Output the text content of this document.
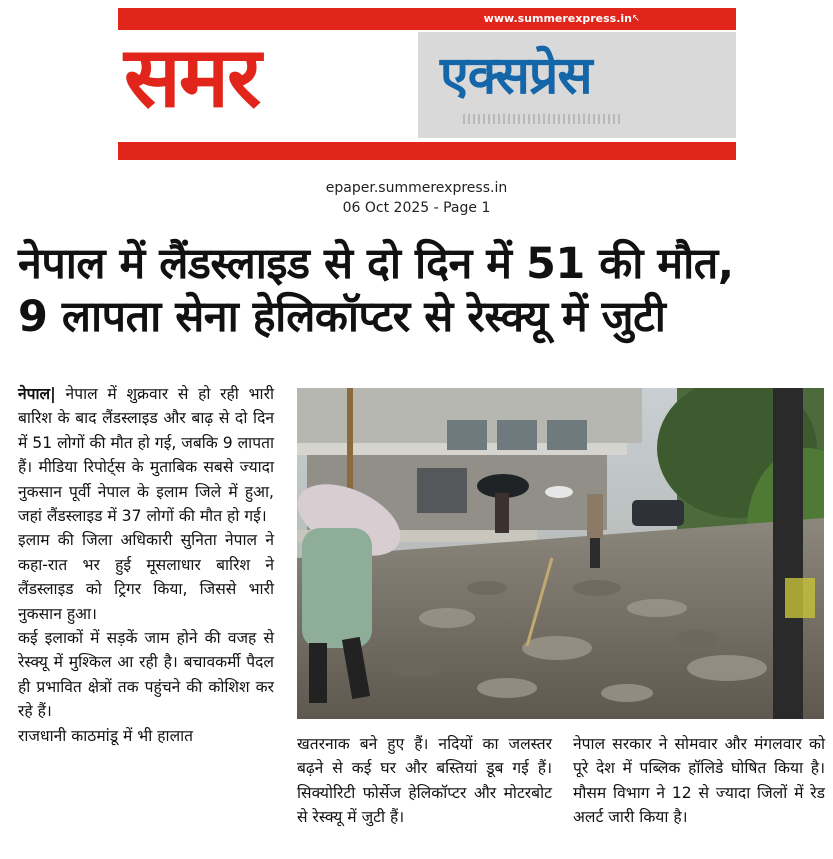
www.summerexpress.in ↖
समर	एक्सप्रेस
epaper.summerexpress.in
06 Oct 2025 - Page 1
नेपाल में लैंडस्लाइड से दो दिन में 51 की मौत,
9 लापता सेना हेलिकॉप्टर से रेस्क्यू में जुटी

नेपाल| नेपाल में शुक्रवार से हो रही भारी बारिश के बाद लैंडस्लाइड और बाढ़ से दो दिन में 51 लोगों की मौत हो गई, जबकि 9 लापता हैं। मीडिया रिपोर्ट्स के मुताबिक सबसे ज्यादा नुकसान पूर्वी नेपाल के इलाम जिले में हुआ, जहां लैंडस्लाइड में 37 लोगों की मौत हो गई।

इलाम की जिला अधिकारी सुनिता नेपाल ने कहा-रात भर हुई मूसलाधार बारिश ने लैंडस्लाइड को ट्रिगर किया, जिससे भारी नुकसान हुआ।

कई इलाकों में सड़कें जाम होने की वजह से रेस्क्यू में मुश्किल आ रही है। बचावकर्मी पैदल ही प्रभावित क्षेत्रों तक पहुंचने की कोशिश कर रहे हैं।

राजधानी काठमांडू में भी हालात	खतरनाक बने हुए हैं। नदियों का जलस्तर बढ़ने से कई घर और बस्तियां डूब गई हैं। सिक्योरिटी फोर्सेज हेलिकॉप्टर और मोटरबोट से रेस्क्यू में जुटी हैं।

नेपाल सरकार ने सोमवार और मंगलवार को पूरे देश में पब्लिक हॉलिडे घोषित किया है। मौसम विभाग ने 12 से ज्यादा जिलों में रेड अलर्ट जारी किया है।
